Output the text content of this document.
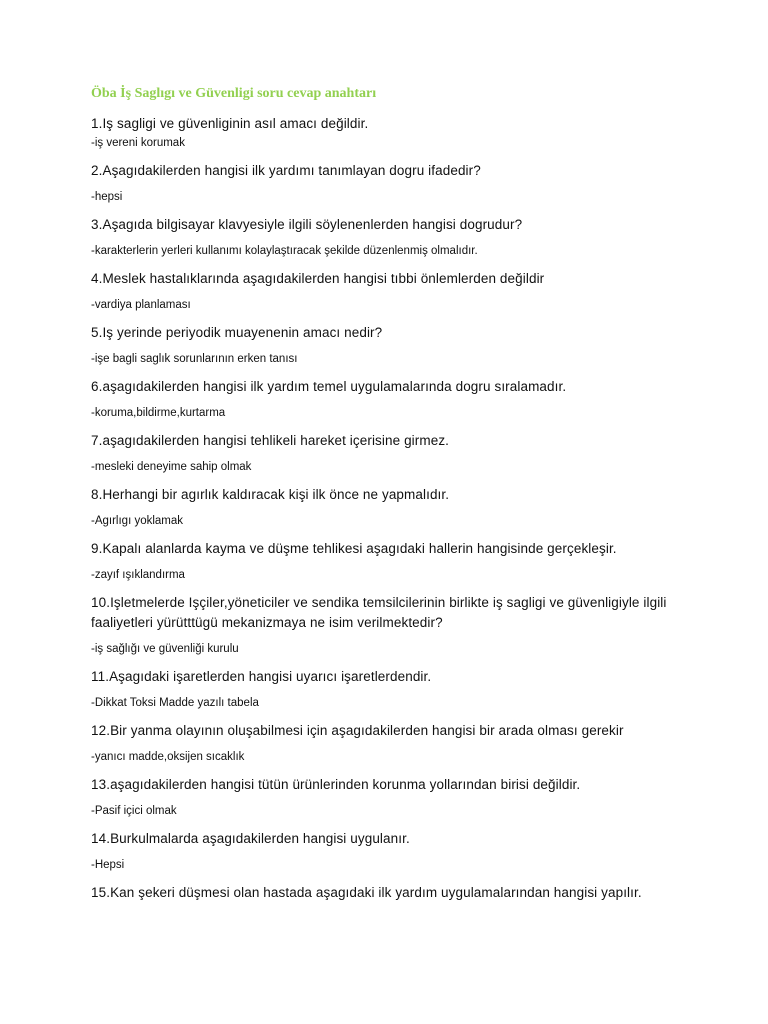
Öba İş Saglıgı ve Güvenligi soru cevap anahtarı

1.Iş sagligi ve güvenliginin asıl amacı değildir.

-iş vereni korumak

2.Aşagıdakilerden hangisi ilk yardımı tanımlayan dogru ifadedir?

-hepsi

3.Aşagıda bilgisayar klavyesiyle ilgili söylenenlerden hangisi dogrudur?

-karakterlerin yerleri kullanımı kolaylaştıracak şekilde düzenlenmiş olmalıdır.

4.Meslek hastalıklarında aşagıdakilerden hangisi tıbbi önlemlerden değildir

-vardiya planlaması

5.Iş yerinde periyodik muayenenin amacı nedir?

-işe bagli saglık sorunlarının erken tanısı

6.aşagıdakilerden hangisi ilk yardım temel uygulamalarında dogru sıralamadır.

-koruma,bildirme,kurtarma

7.aşagıdakilerden hangisi tehlikeli hareket içerisine girmez.

-mesleki deneyime sahip olmak

8.Herhangi bir agırlık kaldıracak kişi ilk önce ne yapmalıdır.

-Agırlıgı yoklamak

9.Kapalı alanlarda kayma ve düşme tehlikesi aşagıdaki hallerin hangisinde gerçekleşir.

-zayıf ışıklandırma

10.Işletmelerde Işçiler,yöneticiler ve sendika temsilcilerinin birlikte iş sagligi ve güvenligiyle ilgili faaliyetleri yürütttügü mekanizmaya ne isim verilmektedir?

-iş sağlığı ve güvenliği kurulu

11.Aşagıdaki işaretlerden hangisi uyarıcı işaretlerdendir.

-Dikkat Toksi Madde yazılı tabela

12.Bir yanma olayının oluşabilmesi için aşagıdakilerden hangisi bir arada olması gerekir

-yanıcı madde,oksijen sıcaklık

13.aşagıdakilerden hangisi tütün ürünlerinden korunma yollarından birisi değildir.

-Pasif içici olmak

14.Burkulmalarda aşagıdakilerden hangisi uygulanır.

-Hepsi

15.Kan şekeri düşmesi olan hastada aşagıdaki ilk yardım uygulamalarından hangisi yapılır.
